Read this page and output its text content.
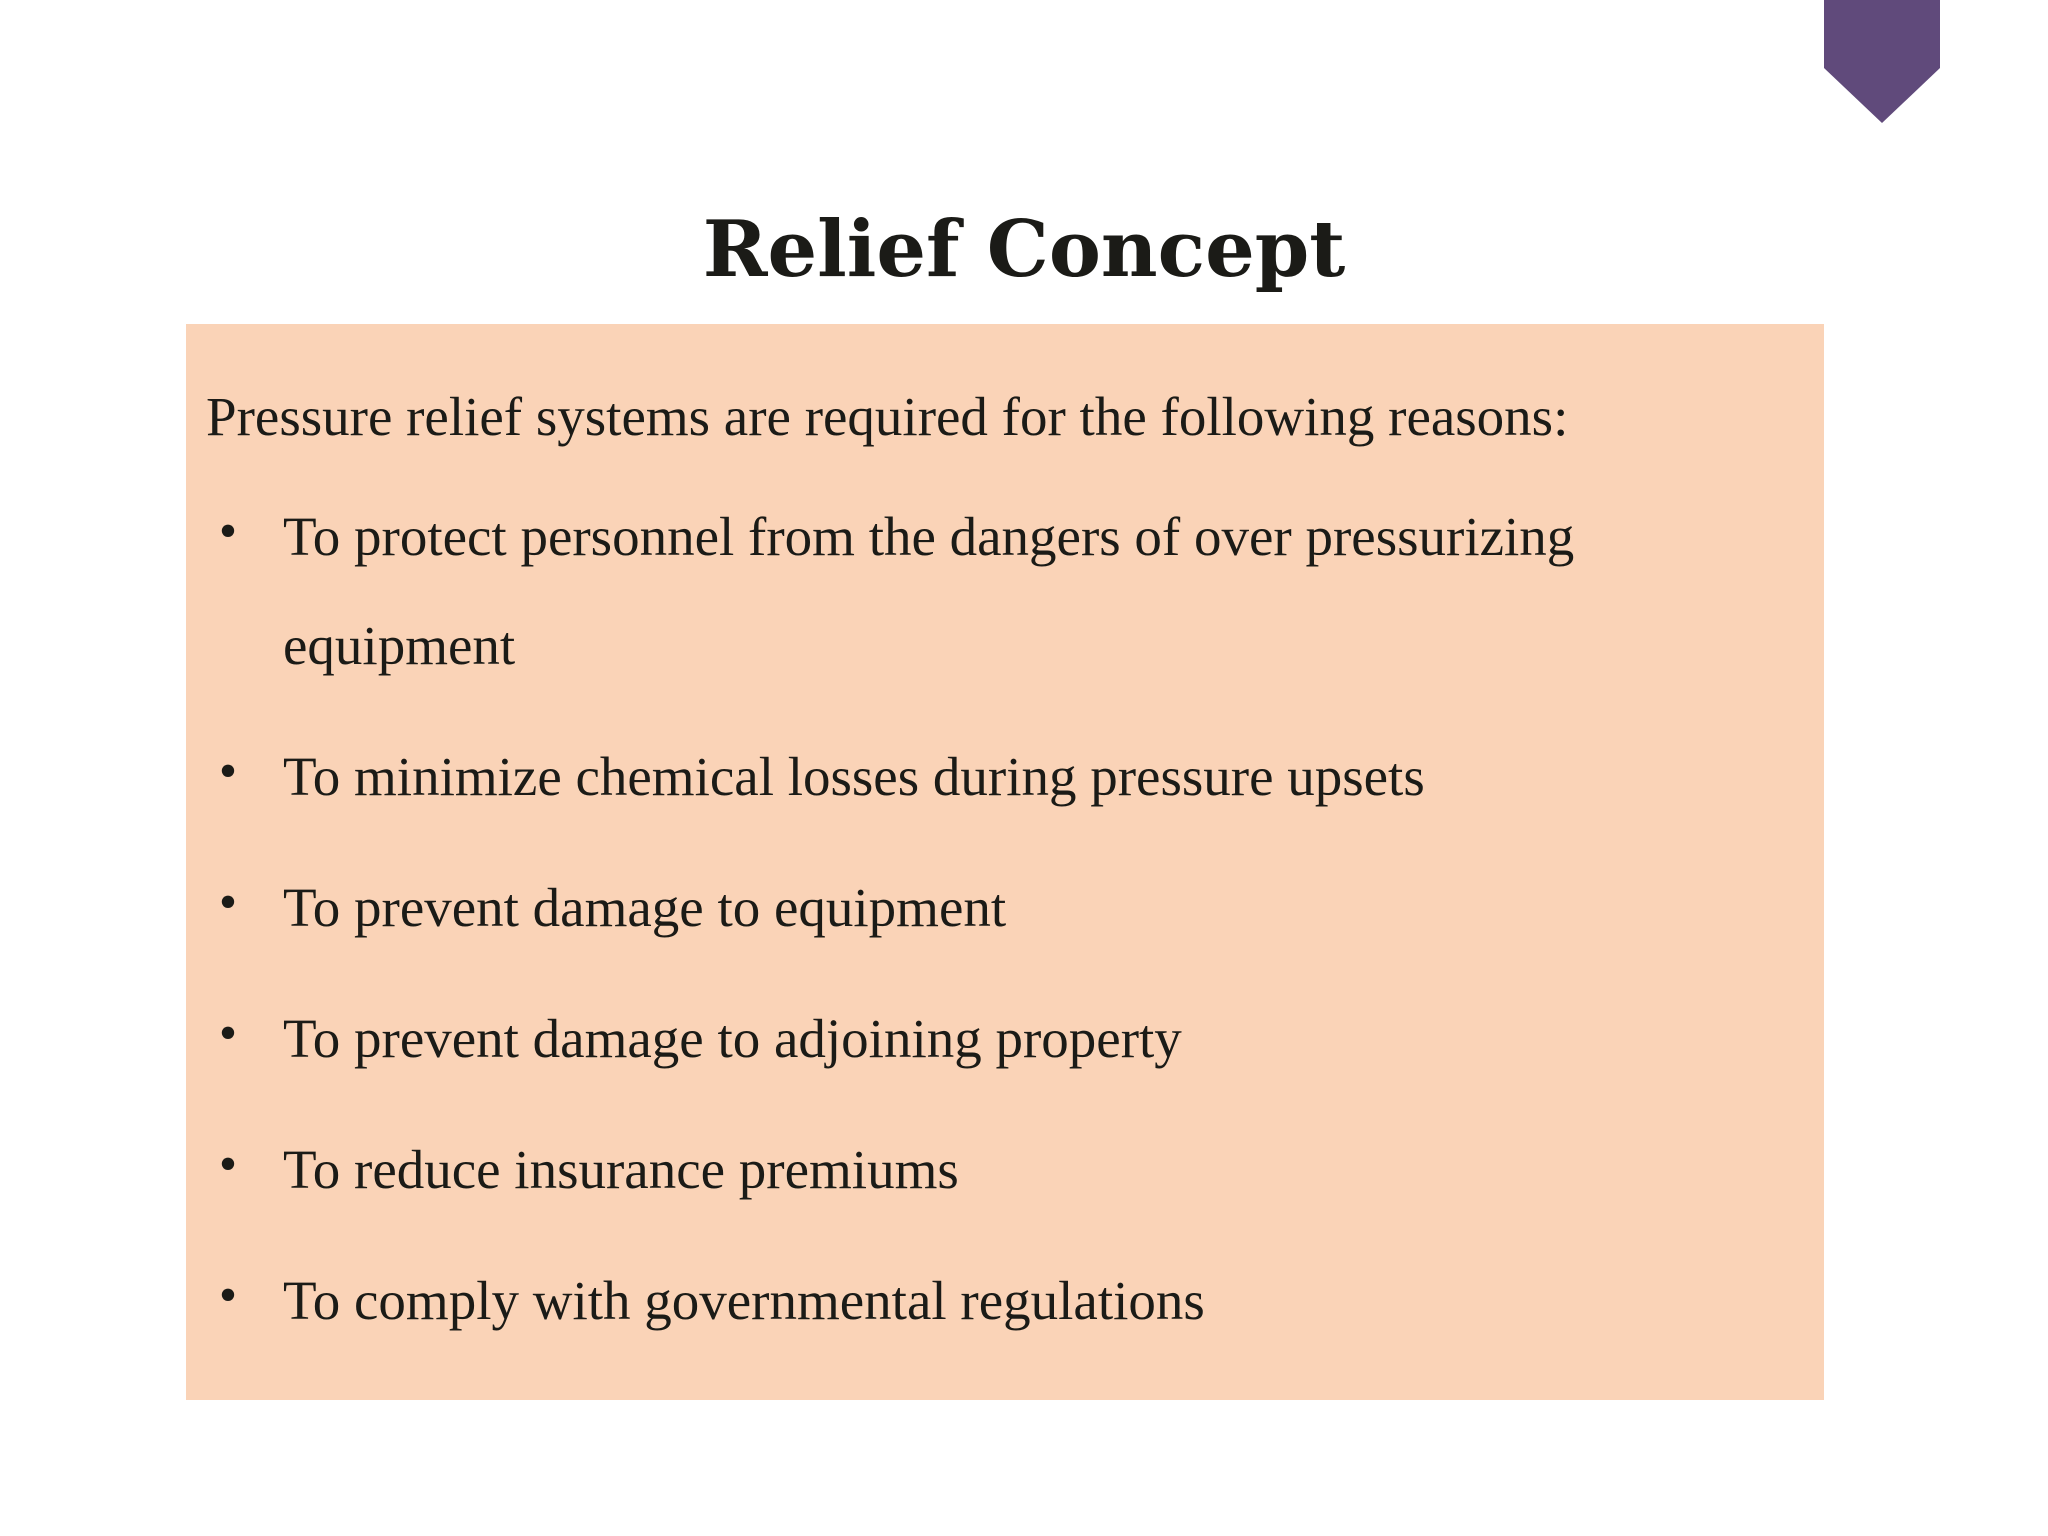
Relief Concept

Pressure relief systems are required for the following reasons:

• To protect personnel from the dangers of over pressurizing equipment
• To minimize chemical losses during pressure upsets
• To prevent damage to equipment
• To prevent damage to adjoining property
• To reduce insurance premiums
• To comply with governmental regulations
